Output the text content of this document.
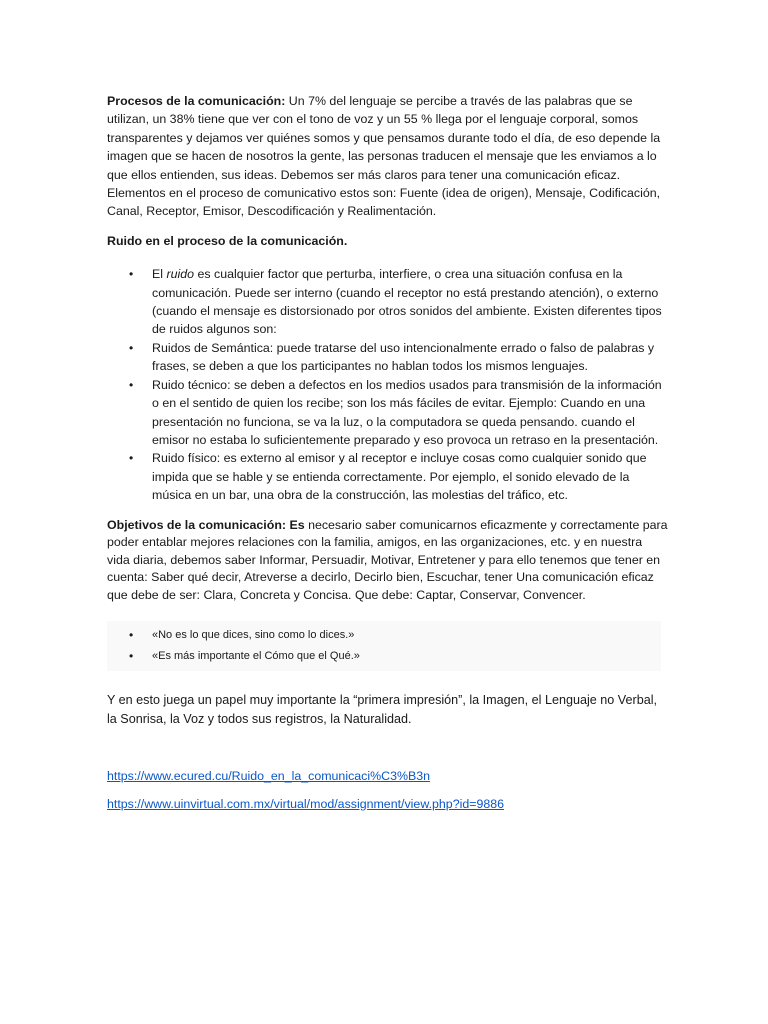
Procesos de la comunicación: Un 7% del lenguaje se percibe a través de las palabras que se utilizan, un 38% tiene que ver con el tono de voz y un 55 % llega por el lenguaje corporal, somos transparentes y dejamos ver quiénes somos y que pensamos durante todo el día, de eso depende la imagen que se hacen de nosotros la gente, las personas traducen el mensaje que les enviamos a lo que ellos entienden, sus ideas. Debemos ser más claros para tener una comunicación eficaz. Elementos en el proceso de comunicativo estos son: Fuente (idea de origen), Mensaje, Codificación, Canal, Receptor, Emisor, Descodificación y Realimentación.

Ruido en el proceso de la comunicación.

• El ruido es cualquier factor que perturba, interfiere, o crea una situación confusa en la comunicación. Puede ser interno (cuando el receptor no está prestando atención), o externo (cuando el mensaje es distorsionado por otros sonidos del ambiente. Existen diferentes tipos de ruidos algunos son:
• Ruidos de Semántica: puede tratarse del uso intencionalmente errado o falso de palabras y frases, se deben a que los participantes no hablan todos los mismos lenguajes.
• Ruido técnico: se deben a defectos en los medios usados para transmisión de la información o en el sentido de quien los recibe; son los más fáciles de evitar. Ejemplo: Cuando en una presentación no funciona, se va la luz, o la computadora se queda pensando. cuando el emisor no estaba lo suficientemente preparado y eso provoca un retraso en la presentación.
• Ruido físico: es externo al emisor y al receptor e incluye cosas como cualquier sonido que impida que se hable y se entienda correctamente. Por ejemplo, el sonido elevado de la música en un bar, una obra de la construcción, las molestias del tráfico, etc.

Objetivos de la comunicación: Es necesario saber comunicarnos eficazmente y correctamente para poder entablar mejores relaciones con la familia, amigos, en las organizaciones, etc. y en nuestra vida diaria, debemos saber Informar, Persuadir, Motivar, Entretener y para ello tenemos que tener en cuenta: Saber qué decir, Atreverse a decirlo, Decirlo bien, Escuchar, tener Una comunicación eficaz que debe de ser: Clara, Concreta y Concisa. Que debe: Captar, Conservar, Convencer.

• «No es lo que dices, sino como lo dices.»
• «Es más importante el Cómo que el Qué.»

Y en esto juega un papel muy importante la “primera impresión”, la Imagen, el Lenguaje no Verbal, la Sonrisa, la Voz y todos sus registros, la Naturalidad.

https://www.ecured.cu/Ruido_en_la_comunicaci%C3%B3n
https://www.uinvirtual.com.mx/virtual/mod/assignment/view.php?id=9886
